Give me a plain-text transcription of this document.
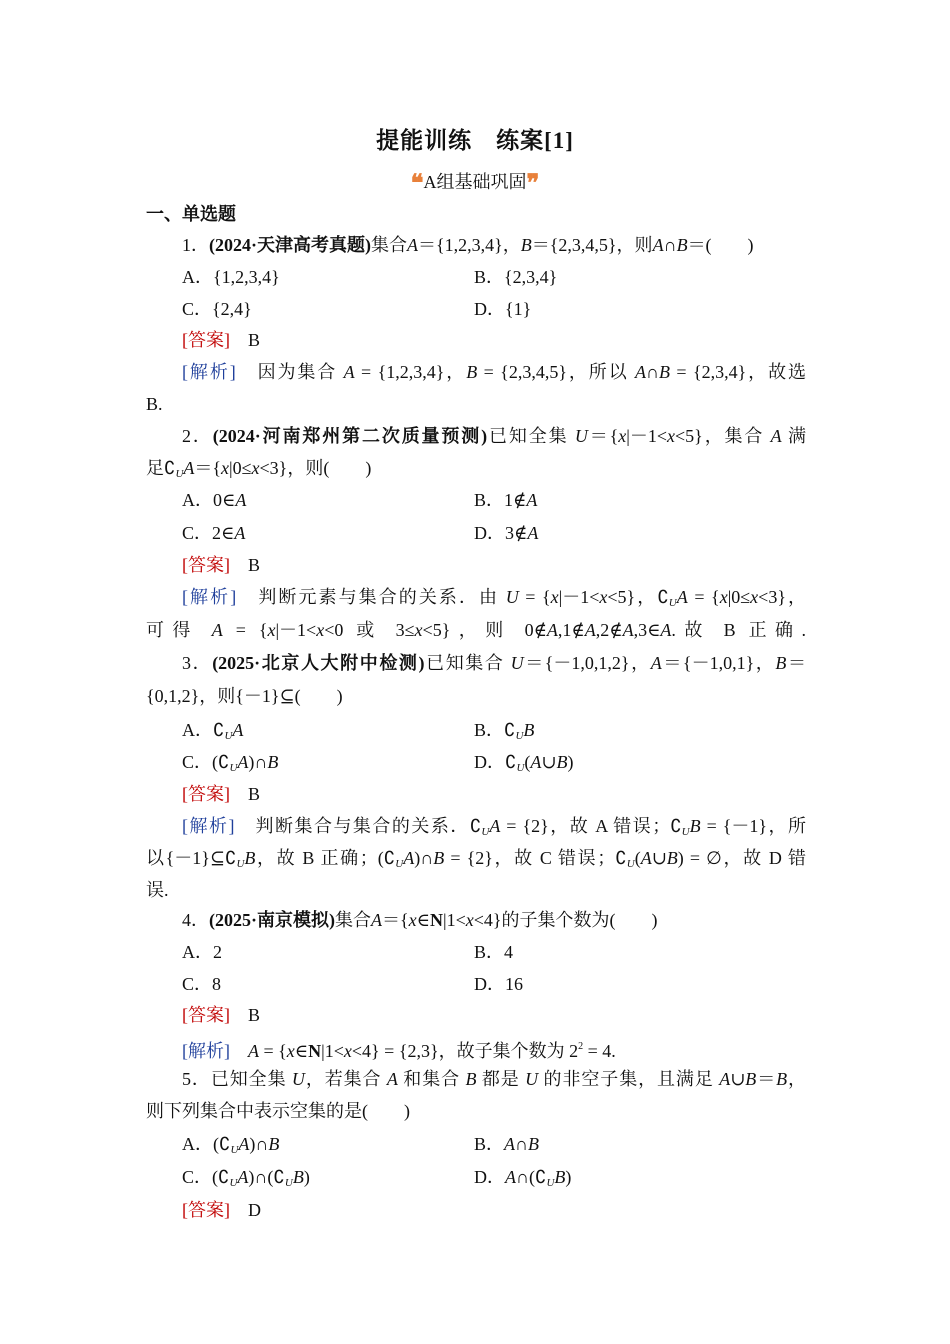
提能训练　练案[1]
❝A组基础巩固❞
一、单选题
1．(2024·天津高考真题)集合A＝{1,2,3,4}，B＝{2,3,4,5}，则A∩B＝(　　)
A．{1,2,3,4}	B．{2,3,4}
C．{2,4}	D．{1}
[答案]　 B
[解析]　 因为集合 A = {1,2,3,4}，B = {2,3,4,5}，所以 A∩B = {2,3,4}，故选
B.
2．(2024·河南郑州第二次质量预测)已知全集 U＝{x|－1<x<5}，集合 A 满
足$∁_UA=\{x|0\le x<3\}$，则(　　)
A．0∈A	B．1∉A
C．2∈A	D．3∉A
[答案]　 B
[解析]　 判断元素与集合的关系．由 U = {x|－1<x<5}，$∁_UA = \{x|0\le x<3\}$，
可得 A = {x|－1<x<0 或 3≤x<5}，则 0∉A,1∉A,2∉A,3∈A.故 B 正确.
3．(2025·北京人大附中检测)已知集合 U＝{－1,0,1,2}，A＝{－1,0,1}，B＝
{0,1,2}，则{－1}⊆(　　)
A．$∁_UA$	B．$∁_UB$
C．$(∁_UA)\cap B$	D．$∁_U(A\cup B)$
[答案]　 B
[解析]　 判断集合与集合的关系．$∁_UA = \{2\}$，故 A 错误；$∁_UB = \{-1\}$，所
以$\{-1\}⊆∁_UB$，故 B 正确；$(∁_UA)\cap B = \{2\}$，故 C 错误；$∁_U(A\cup B)$ = ∅，故 D 错
误.
4．(2025·南京模拟)集合A＝{x∈N|1<x<4}的子集个数为(　　)
A．2	B．4
C．8	D．16
[答案]　 B
[解析]　 A = {x∈N|1<x<4} = {2,3}，故子集个数为 $2^2 = 4$.
5．已知全集 U，若集合 A 和集合 B 都是 U 的非空子集，且满足 A∪B＝B，
则下列集合中表示空集的是(　　)
A．$(∁_UA)\cap B$	B．A∩B
C．$(∁_UA)\cap(∁_UB)$	D．$A\cap(∁_UB)$
[答案]　 D
